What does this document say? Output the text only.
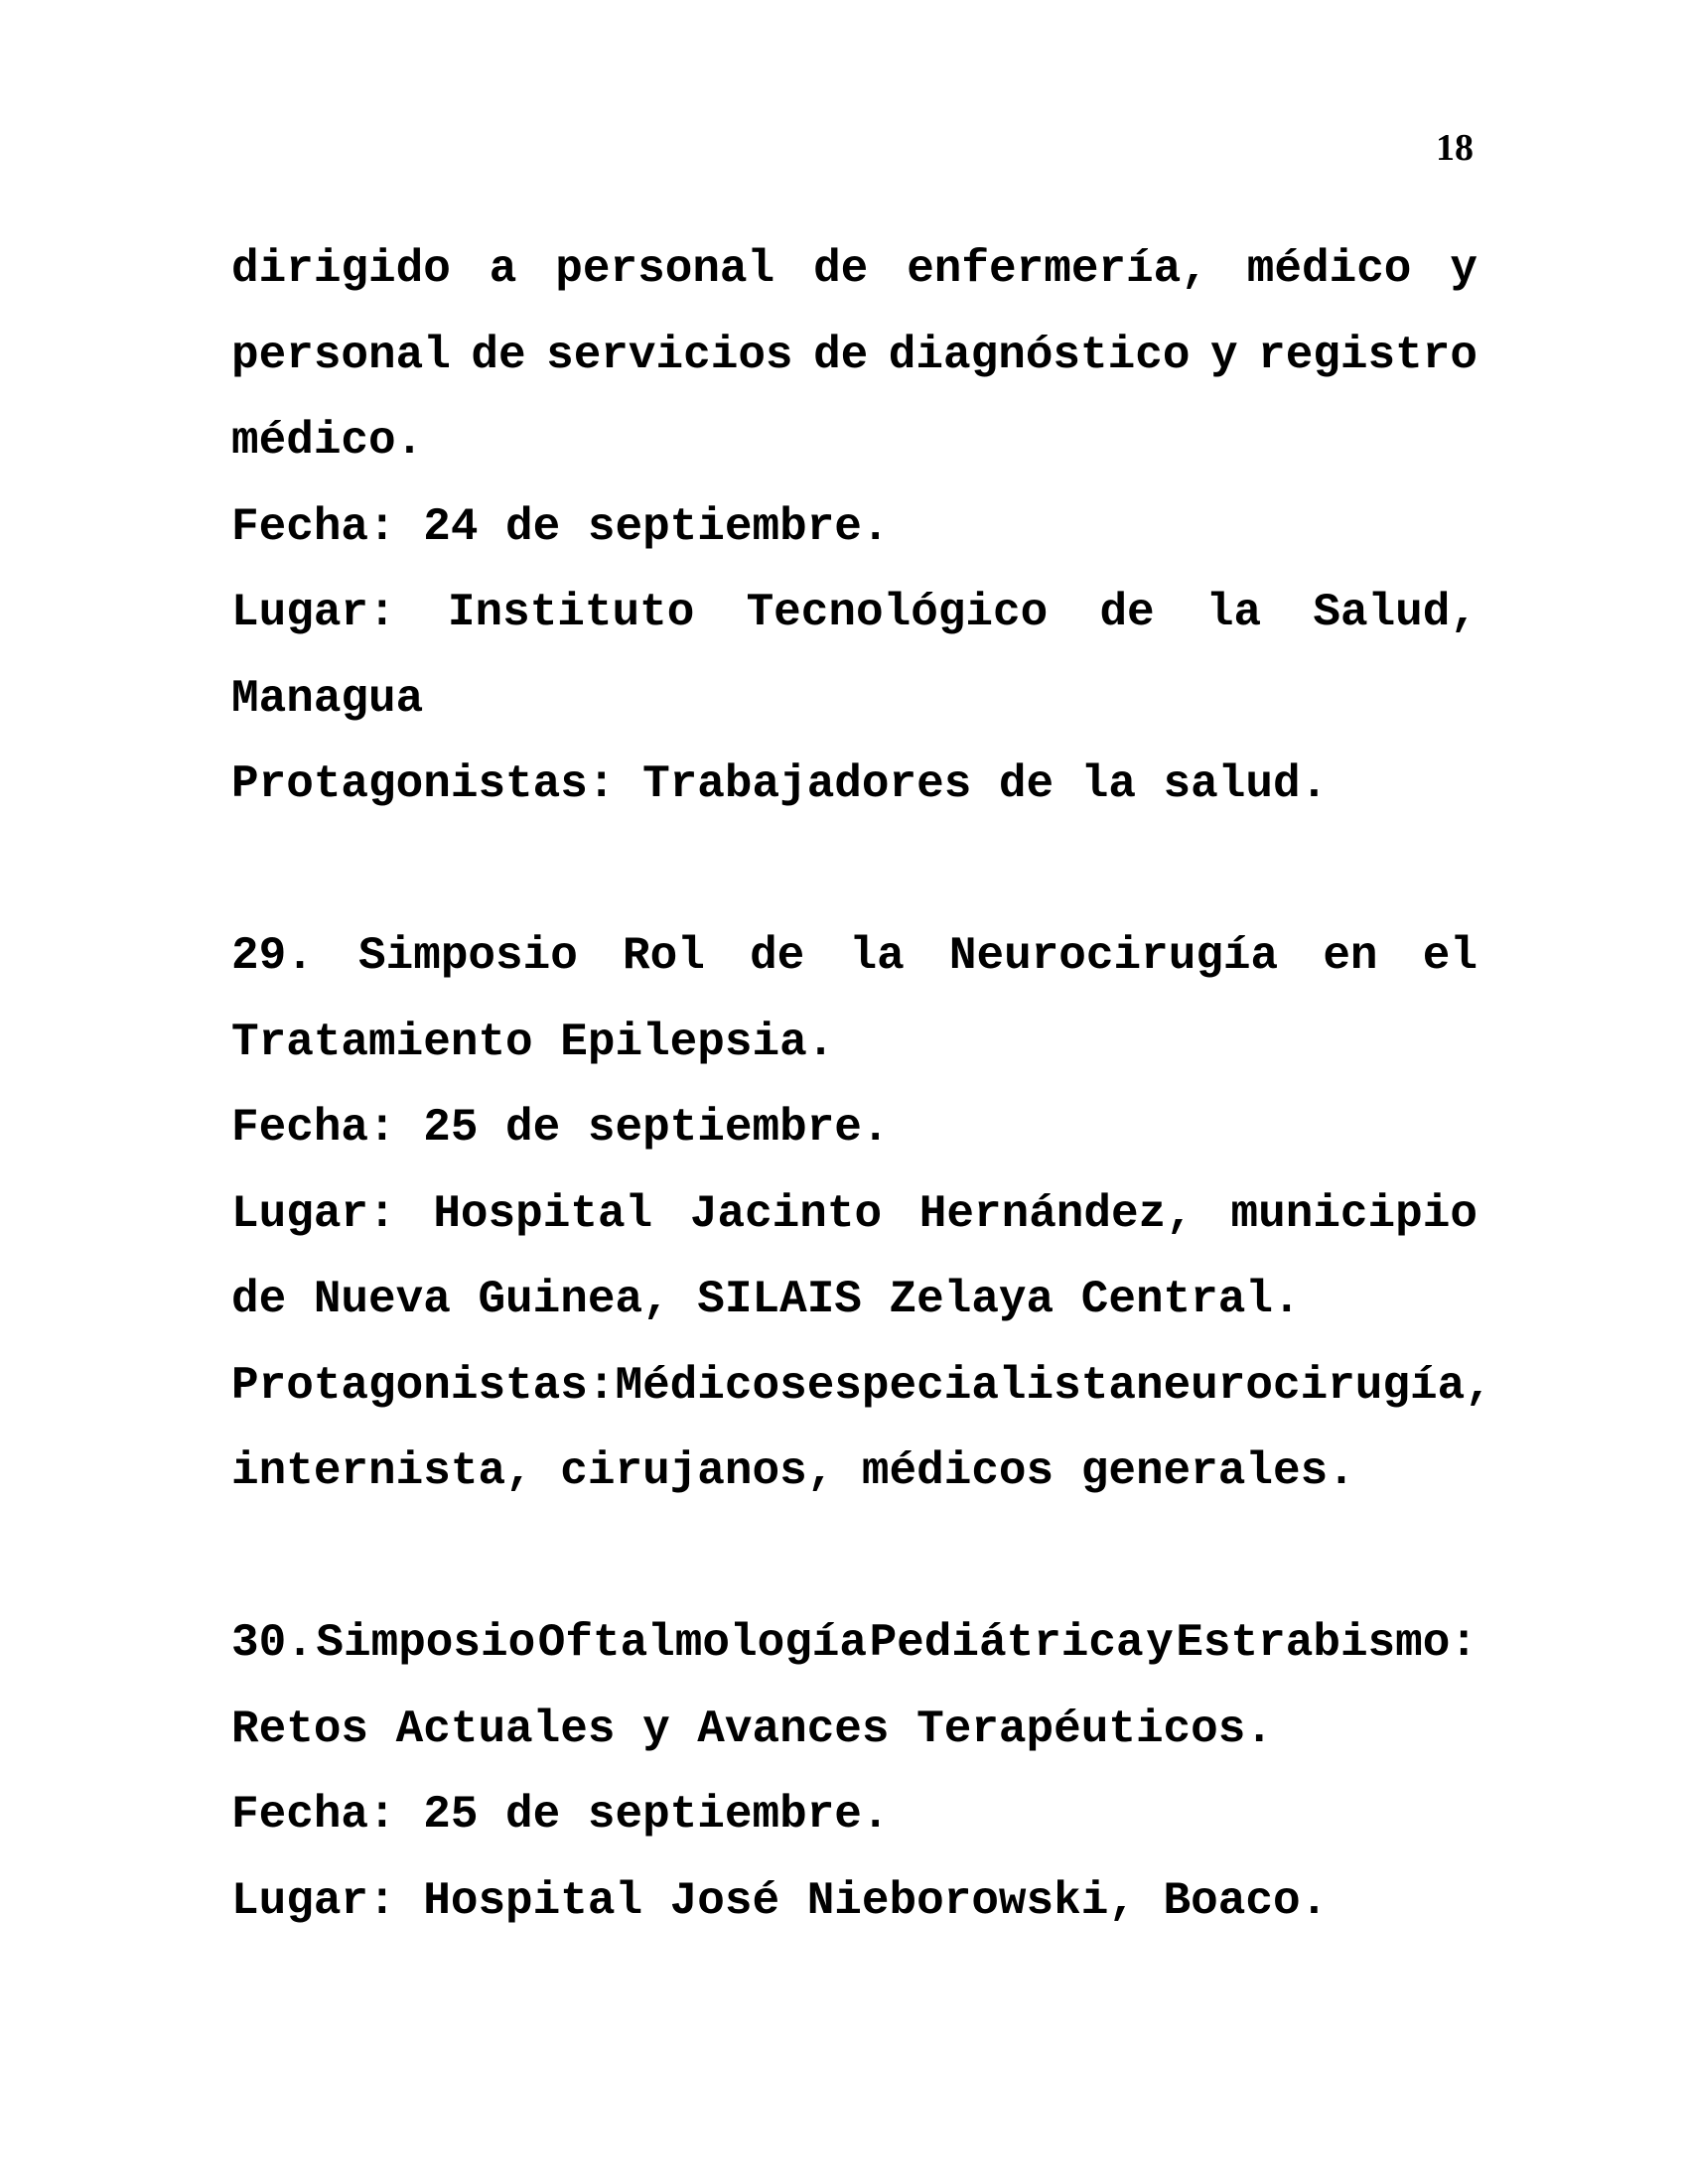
18
dirigido a personal de enfermería, médico y
personal de servicios de diagnóstico y registro
médico.
Fecha: 24 de septiembre.
Lugar: Instituto Tecnológico de la Salud,
Managua
Protagonistas: Trabajadores de la salud.
29. Simposio Rol de la Neurocirugía en el
Tratamiento Epilepsia.
Fecha: 25 de septiembre.
Lugar: Hospital Jacinto Hernández, municipio
de Nueva Guinea, SILAIS Zelaya Central.
Protagonistas: Médicos especialista neurocirugía,
internista, cirujanos, médicos generales.
30. Simposio Oftalmología Pediátrica y Estrabismo:
Retos Actuales y Avances Terapéuticos.
Fecha: 25 de septiembre.
Lugar: Hospital José Nieborowski, Boaco.
